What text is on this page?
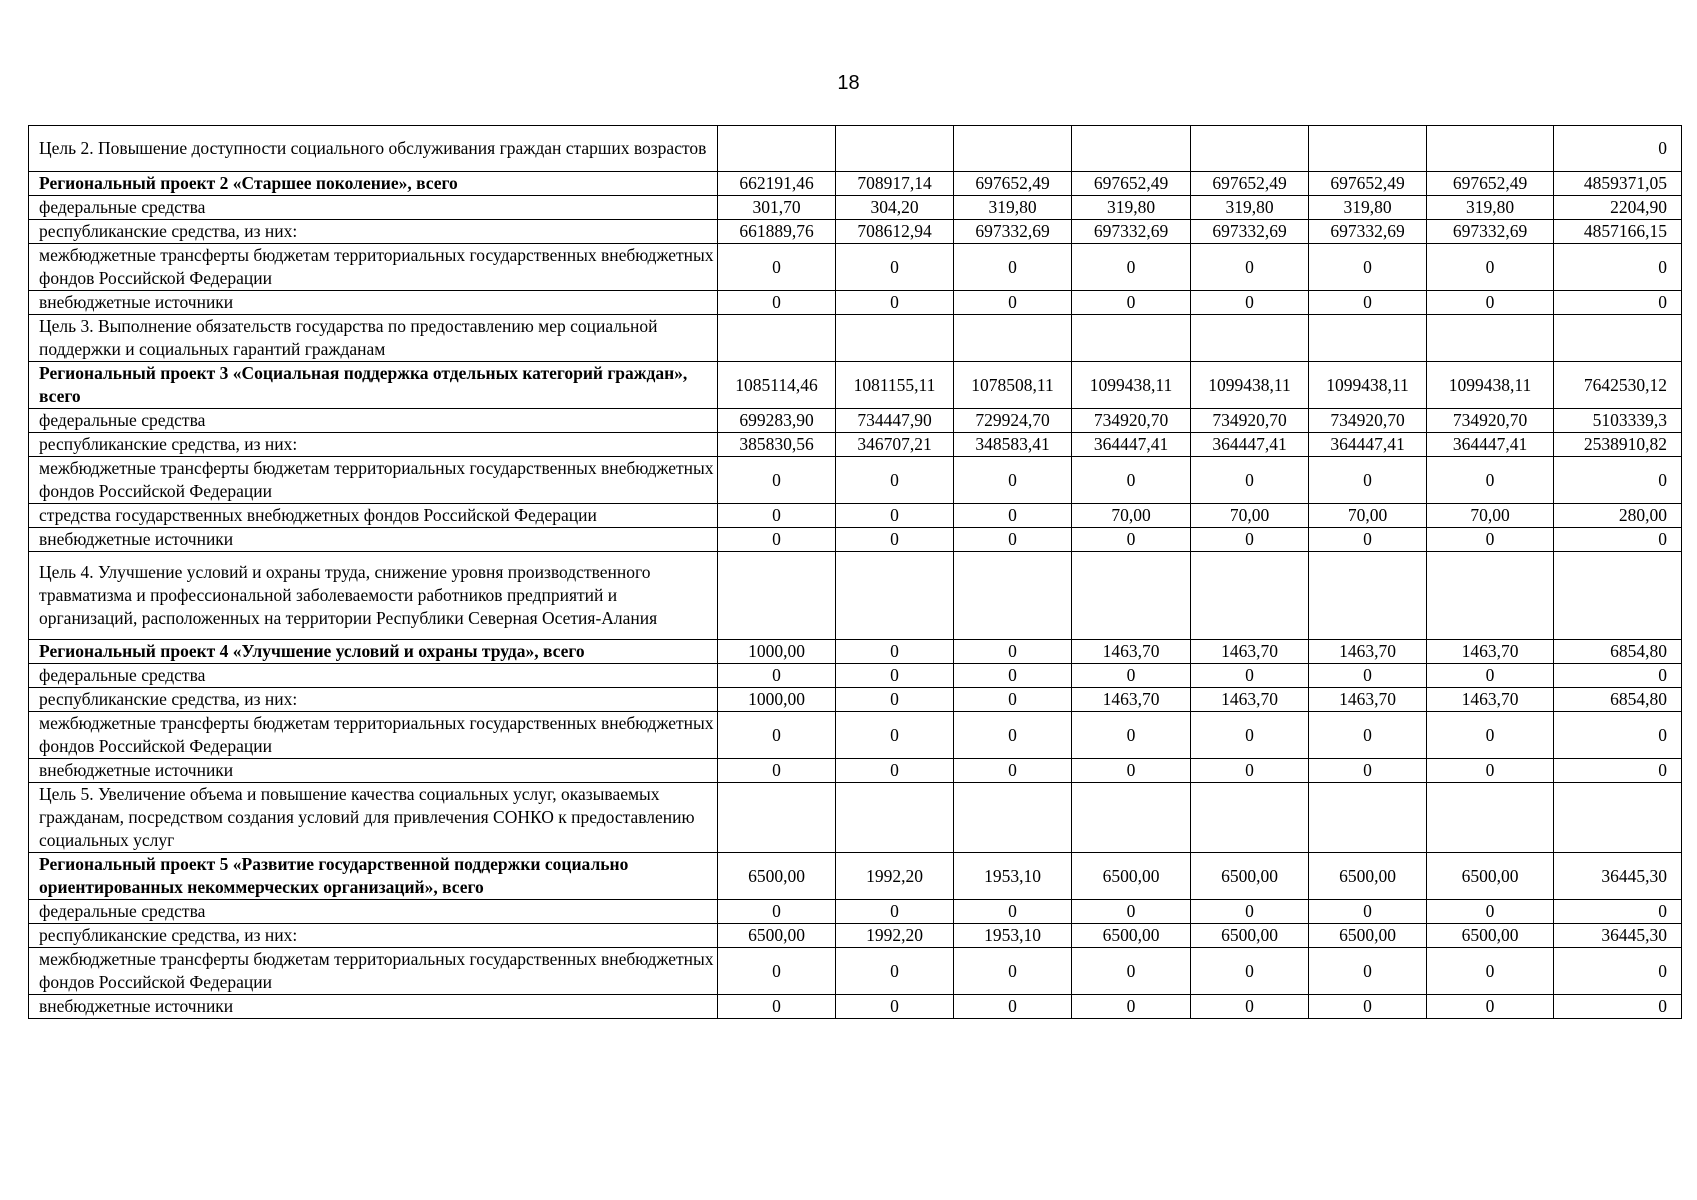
18
Цель 2. Повышение доступности социального обслуживания граждан старших возрастов								0
Региональный проект 2 «Старшее поколение», всего	662191,46	708917,14	697652,49	697652,49	697652,49	697652,49	697652,49	4859371,05
федеральные средства	301,70	304,20	319,80	319,80	319,80	319,80	319,80	2204,90
республиканские средства, из них:	661889,76	708612,94	697332,69	697332,69	697332,69	697332,69	697332,69	4857166,15
межбюджетные трансферты бюджетам территориальных государственных внебюджетных фондов Российской Федерации	0	0	0	0	0	0	0	0
внебюджетные источники	0	0	0	0	0	0	0	0
Цель 3. Выполнение обязательств государства по предоставлению мер социальной поддержки и социальных гарантий гражданам								
Региональный проект 3 «Социальная поддержка отдельных категорий граждан», всего	1085114,46	1081155,11	1078508,11	1099438,11	1099438,11	1099438,11	1099438,11	7642530,12
федеральные средства	699283,90	734447,90	729924,70	734920,70	734920,70	734920,70	734920,70	5103339,3
республиканские средства, из них:	385830,56	346707,21	348583,41	364447,41	364447,41	364447,41	364447,41	2538910,82
межбюджетные трансферты бюджетам территориальных государственных внебюджетных фондов Российской Федерации	0	0	0	0	0	0	0	0
стредства государственных внебюджетных фондов Российской Федерации	0	0	0	70,00	70,00	70,00	70,00	280,00
внебюджетные источники	0	0	0	0	0	0	0	0
Цель 4. Улучшение условий и охраны труда, снижение уровня производственного травматизма и профессиональной заболеваемости работников предприятий и организаций, расположенных на территории Республики Северная Осетия-Алания								
Региональный проект 4 «Улучшение условий и охраны труда», всего	1000,00	0	0	1463,70	1463,70	1463,70	1463,70	6854,80
федеральные средства	0	0	0	0	0	0	0	0
республиканские средства, из них:	1000,00	0	0	1463,70	1463,70	1463,70	1463,70	6854,80
межбюджетные трансферты бюджетам территориальных государственных внебюджетных фондов Российской Федерации	0	0	0	0	0	0	0	0
внебюджетные источники	0	0	0	0	0	0	0	0
Цель 5. Увеличение объема и повышение качества социальных услуг, оказываемых гражданам, посредством создания условий для привлечения СОНКО к предоставлению социальных услуг								
Региональный проект 5 «Развитие государственной поддержки социально ориентированных некоммерческих организаций», всего	6500,00	1992,20	1953,10	6500,00	6500,00	6500,00	6500,00	36445,30
федеральные средства	0	0	0	0	0	0	0	0
республиканские средства, из них:	6500,00	1992,20	1953,10	6500,00	6500,00	6500,00	6500,00	36445,30
межбюджетные трансферты бюджетам территориальных государственных внебюджетных фондов Российской Федерации	0	0	0	0	0	0	0	0
внебюджетные источники	0	0	0	0	0	0	0	0
